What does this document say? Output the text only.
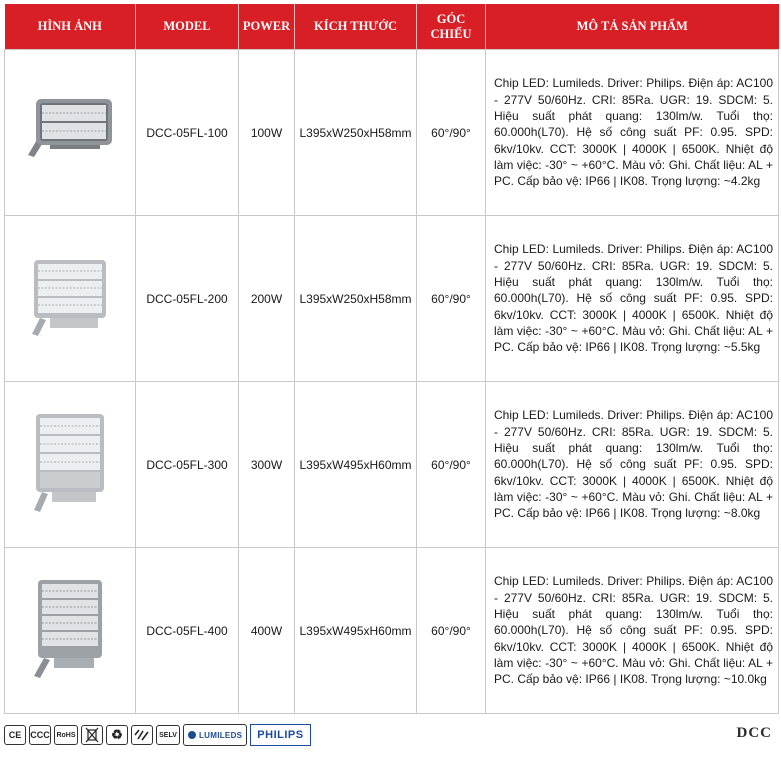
HÌNH ẢNH	MODEL	POWER	KÍCH THƯỚC	GÓC CHIẾU	MÔ TẢ SẢN PHẨM

	DCC-05FL-100	100W	L395xW250xH58mm	60°/90°	Chip LED: Lumileds. Driver: Philips. Điện áp: AC100 - 277V 50/60Hz. CRI: 85Ra. UGR: 19. SDCM: 5. Hiệu suất phát quang: 130lm/w. Tuổi thọ: 60.000h(L70). Hệ số công suất PF: 0.95. SPD: 6kv/10kv. CCT: 3000K | 4000K | 6500K. Nhiệt độ làm việc: -30° ~ +60°C. Màu vỏ: Ghi. Chất liệu: AL + PC. Cấp bảo vệ: IP66 | IK08. Trọng lượng: ~4.2kg

	DCC-05FL-200	200W	L395xW250xH58mm	60°/90°	Chip LED: Lumileds. Driver: Philips. Điện áp: AC100 - 277V 50/60Hz. CRI: 85Ra. UGR: 19. SDCM: 5. Hiệu suất phát quang: 130lm/w. Tuổi thọ: 60.000h(L70). Hệ số công suất PF: 0.95. SPD: 6kv/10kv. CCT: 3000K | 4000K | 6500K. Nhiệt độ làm việc: -30° ~ +60°C. Màu vỏ: Ghi. Chất liệu: AL + PC. Cấp bảo vệ: IP66 | IK08. Trọng lượng: ~5.5kg

	DCC-05FL-300	300W	L395xW495xH60mm	60°/90°	Chip LED: Lumileds. Driver: Philips. Điện áp: AC100 - 277V 50/60Hz. CRI: 85Ra. UGR: 19. SDCM: 5. Hiệu suất phát quang: 130lm/w. Tuổi thọ: 60.000h(L70). Hệ số công suất PF: 0.95. SPD: 6kv/10kv. CCT: 3000K | 4000K | 6500K. Nhiệt độ làm việc: -30° ~ +60°C. Màu vỏ: Ghi. Chất liệu: AL + PC. Cấp bảo vệ: IP66 | IK08. Trọng lượng: ~8.0kg

	DCC-05FL-400	400W	L395xW495xH60mm	60°/90°	Chip LED: Lumileds. Driver: Philips. Điện áp: AC100 - 277V 50/60Hz. CRI: 85Ra. UGR: 19. SDCM: 5. Hiệu suất phát quang: 130lm/w. Tuổi thọ: 60.000h(L70). Hệ số công suất PF: 0.95. SPD: 6kv/10kv. CCT: 3000K | 4000K | 6500K. Nhiệt độ làm việc: -30° ~ +60°C. Màu vỏ: Ghi. Chất liệu: AL + PC. Cấp bảo vệ: IP66 | IK08. Trọng lượng: ~10.0kg
CE	CCC RoHS	♻	SELV	LUMILEDS	PHILIPS	DCC
